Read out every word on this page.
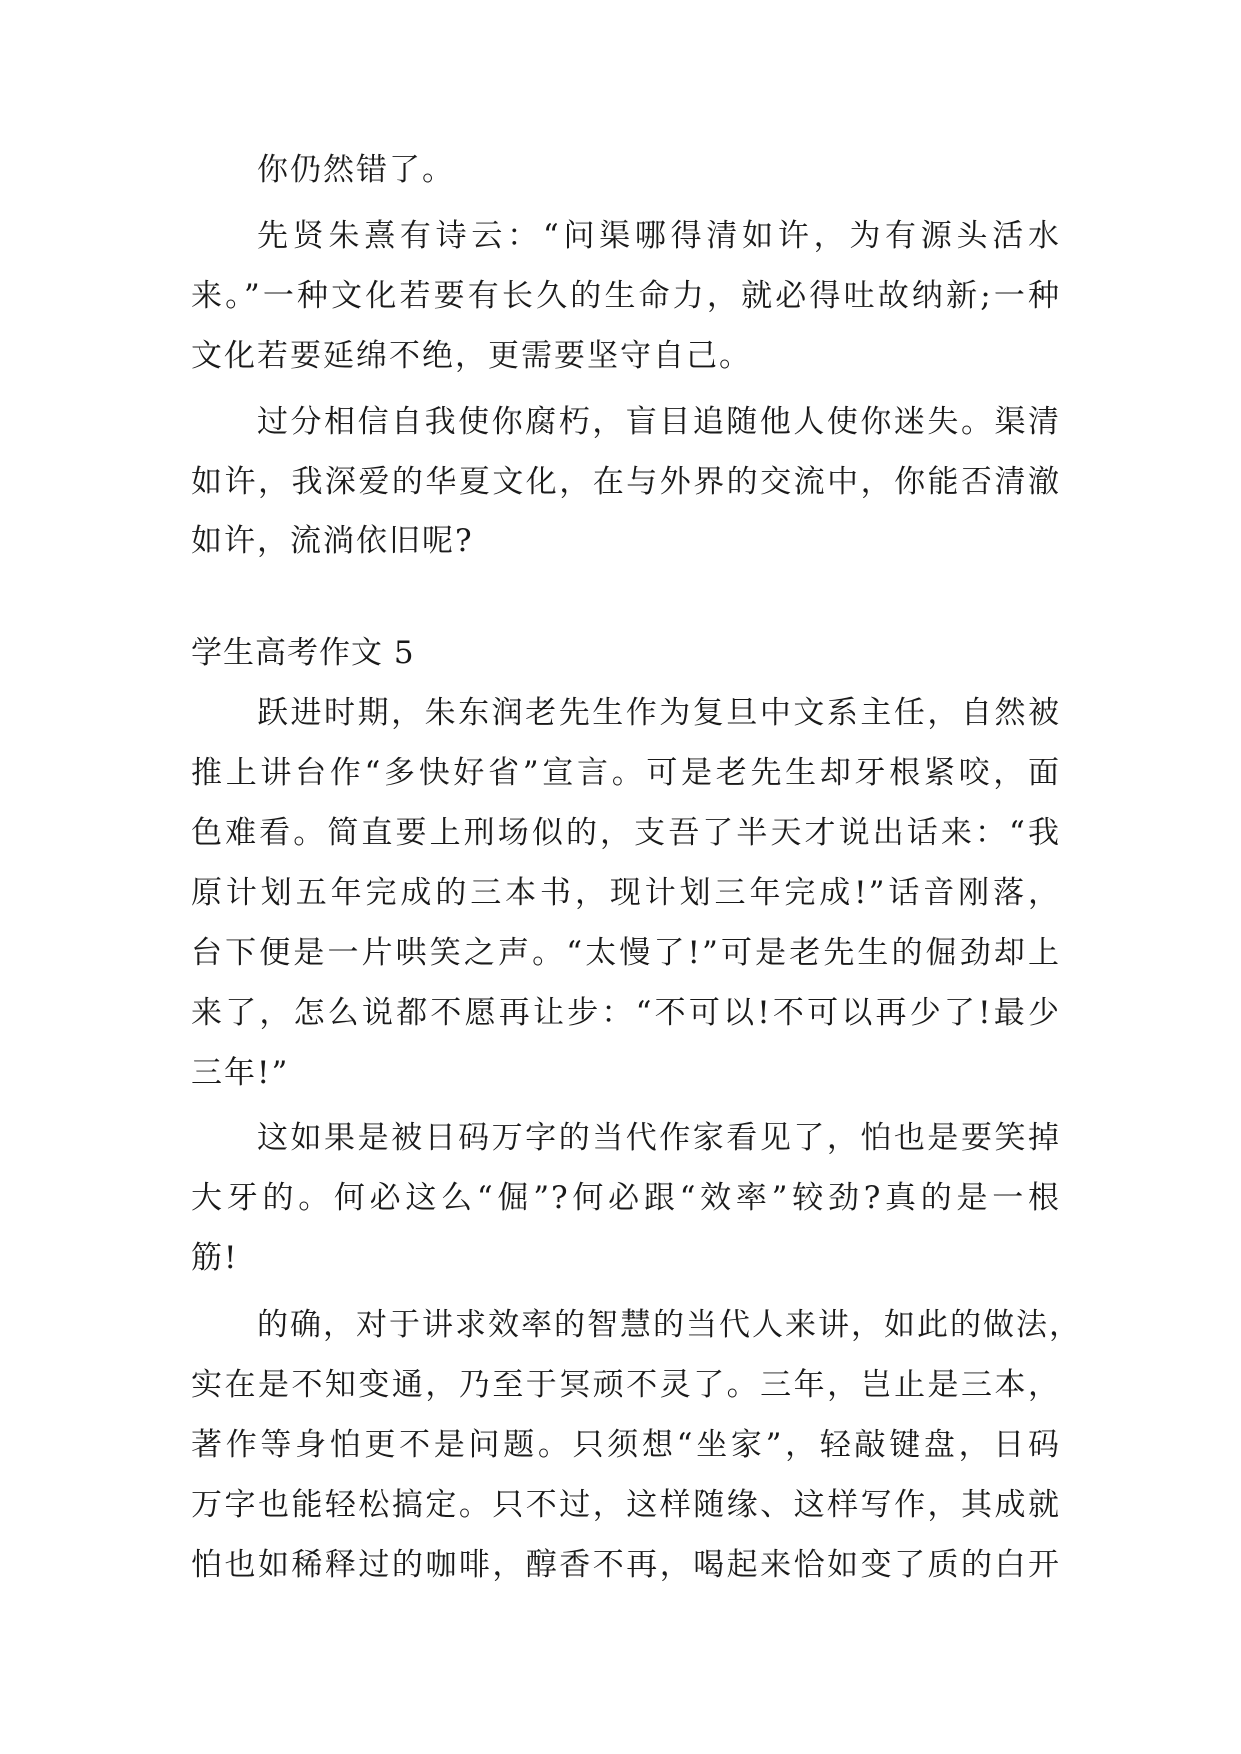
你仍然错了。
先贤朱熹有诗云：“问渠哪得清如许，为有源头活水
来。”一种文化若要有长久的生命力，就必得吐故纳新;一种
文化若要延绵不绝，更需要坚守自己。
过分相信自我使你腐朽，盲目追随他人使你迷失。渠清
如许，我深爱的华夏文化，在与外界的交流中，你能否清澈
如许，流淌依旧呢?
学生高考作文 5
跃进时期，朱东润老先生作为复旦中文系主任，自然被
推上讲台作“多快好省”宣言。可是老先生却牙根紧咬，面
色难看。简直要上刑场似的，支吾了半天才说出话来：“我
原计划五年完成的三本书，现计划三年完成!”话音刚落，
台下便是一片哄笑之声。“太慢了!”可是老先生的倔劲却上
来了，怎么说都不愿再让步：“不可以!不可以再少了!最少
三年!”
这如果是被日码万字的当代作家看见了，怕也是要笑掉
大牙的。何必这么“倔”?何必跟“效率”较劲?真的是一根
筋!
的确，对于讲求效率的智慧的当代人来讲，如此的做法，
实在是不知变通，乃至于冥顽不灵了。三年，岂止是三本，
著作等身怕更不是问题。只须想“坐家”，轻敲键盘，日码
万字也能轻松搞定。只不过，这样随缘、这样写作，其成就
怕也如稀释过的咖啡，醇香不再，喝起来恰如变了质的白开
